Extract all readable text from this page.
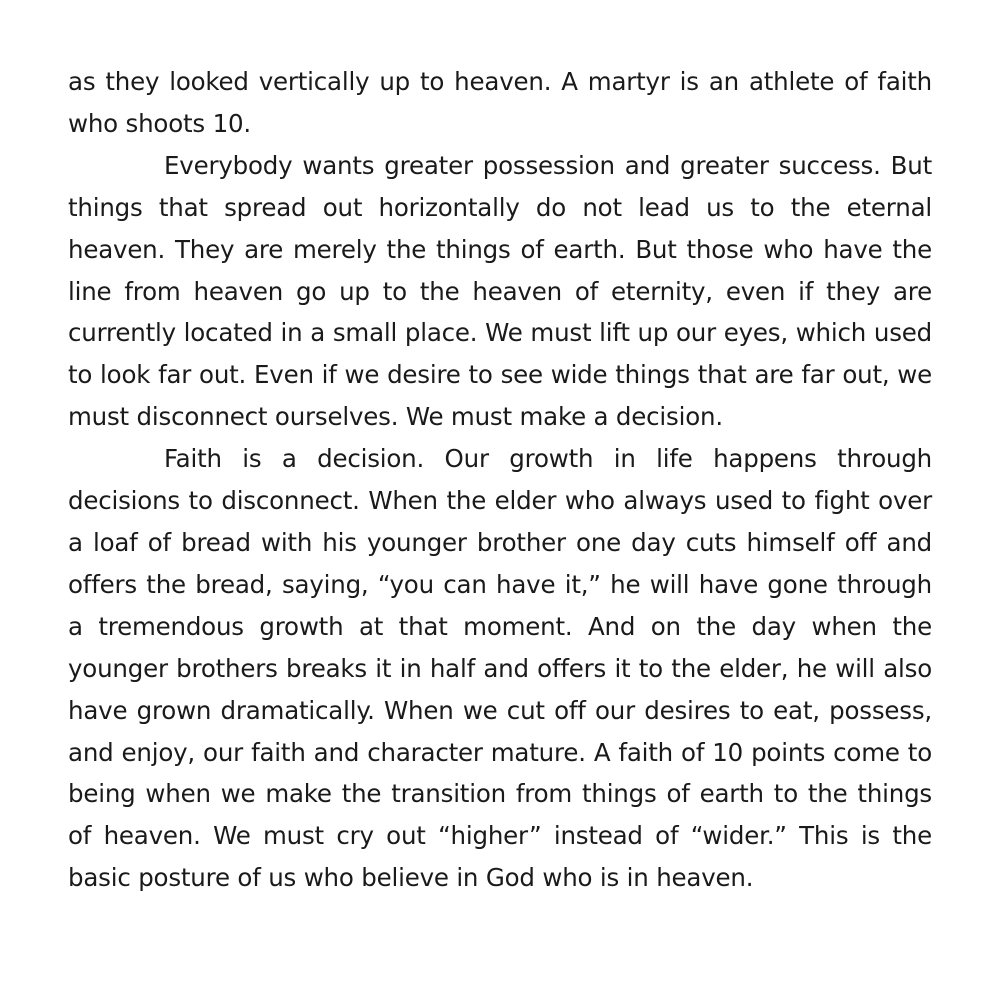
as they looked vertically up to heaven. A martyr is an athlete of faith who shoots 10.

Everybody wants greater possession and greater success. But things that spread out horizontally do not lead us to the eternal heaven. They are merely the things of earth. But those who have the line from heaven go up to the heaven of eternity, even if they are currently located in a small place. We must lift up our eyes, which used to look far out. Even if we desire to see wide things that are far out, we must disconnect ourselves. We must make a decision.

Faith is a decision. Our growth in life happens through decisions to disconnect. When the elder who always used to fight over a loaf of bread with his younger brother one day cuts himself off and offers the bread, saying, “you can have it,” he will have gone through a tremendous growth at that moment. And on the day when the younger brothers breaks it in half and offers it to the elder, he will also have grown dramatically. When we cut off our desires to eat, possess, and enjoy, our faith and character mature. A faith of 10 points come to being when we make the transition from things of earth to the things of heaven. We must cry out “higher” instead of “wider.” This is the basic posture of us who believe in God who is in heaven.
